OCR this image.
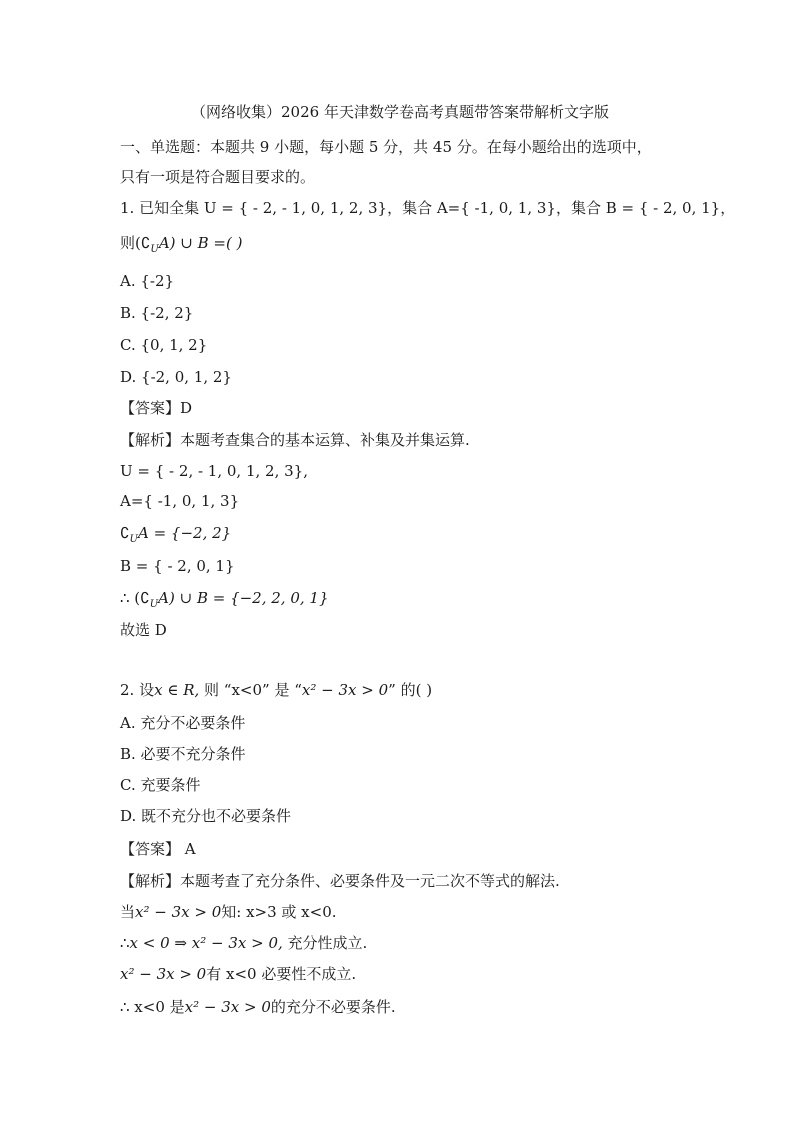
（网络收集）2026 年天津数学卷高考真题带答案带解析文字版
一、单选题：本题共 9 小题，每小题 5 分，共 45 分。在每小题给出的选项中，
只有一项是符合题目要求的。
1. 已知全集 U = { - 2, - 1, 0, 1, 2, 3}，集合 A={ -1, 0, 1, 3}，集合 B = { - 2, 0, 1}，
则$(∁_UA)$ ∪ B =( )
A. {-2}
B. {-2, 2}
C. {0, 1, 2}
D. {-2, 0, 1, 2}
【答案】D
【解析】本题考查集合的基本运算、补集及并集运算.
U = { - 2, - 1, 0, 1, 2, 3},
A={ -1, 0, 1, 3}
$∁_UA = \{-2$, 2}
B = { - 2, 0, 1}
∴ $(∁_UA)$ ∪ B = {−2, 2, 0, 1}
故选 D
2. 设x ∈ R, 则 “x<0” 是 “x² − 3x > 0” 的( )
A. 充分不必要条件
B. 必要不充分条件
C. 充要条件
D. 既不充分也不必要条件
【答案】 A
【解析】本题考查了充分条件、必要条件及一元二次不等式的解法.
当x² − 3x > 0知: x>3 或 x<0.
∴x < 0 ⇒ x² − 3x > 0, 充分性成立.
x² − 3x > 0有 x<0 必要性不成立.
∴ x<0 是x² − 3x > 0的充分不必要条件.
